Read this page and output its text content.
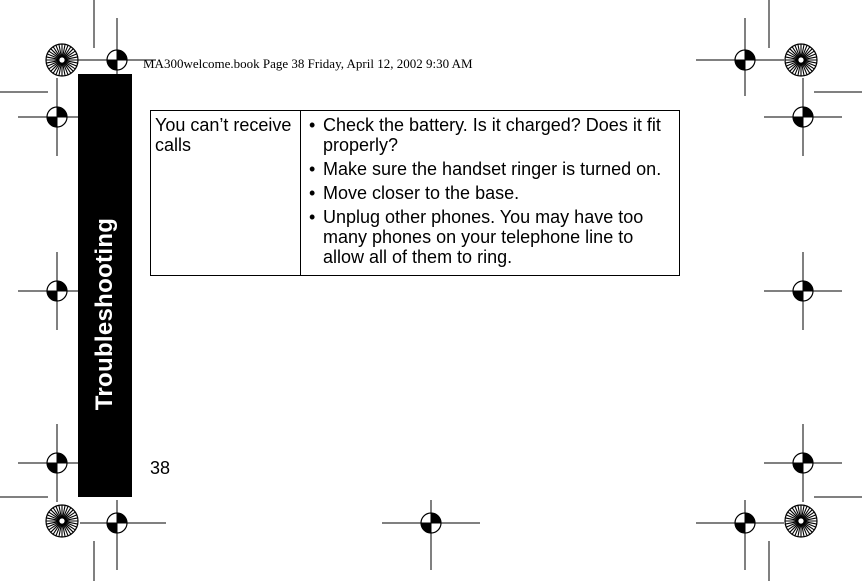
MA300welcome.book Page 38 Friday, April 12, 2002 9:30 AM
Troubleshooting
You can’t receive calls	
• Check the battery. Is it charged? Does it fit properly?
• Make sure the handset ringer is turned on.
• Move closer to the base.
• Unplug other phones. You may have too many phones on your telephone line to allow all of them to ring.
38
